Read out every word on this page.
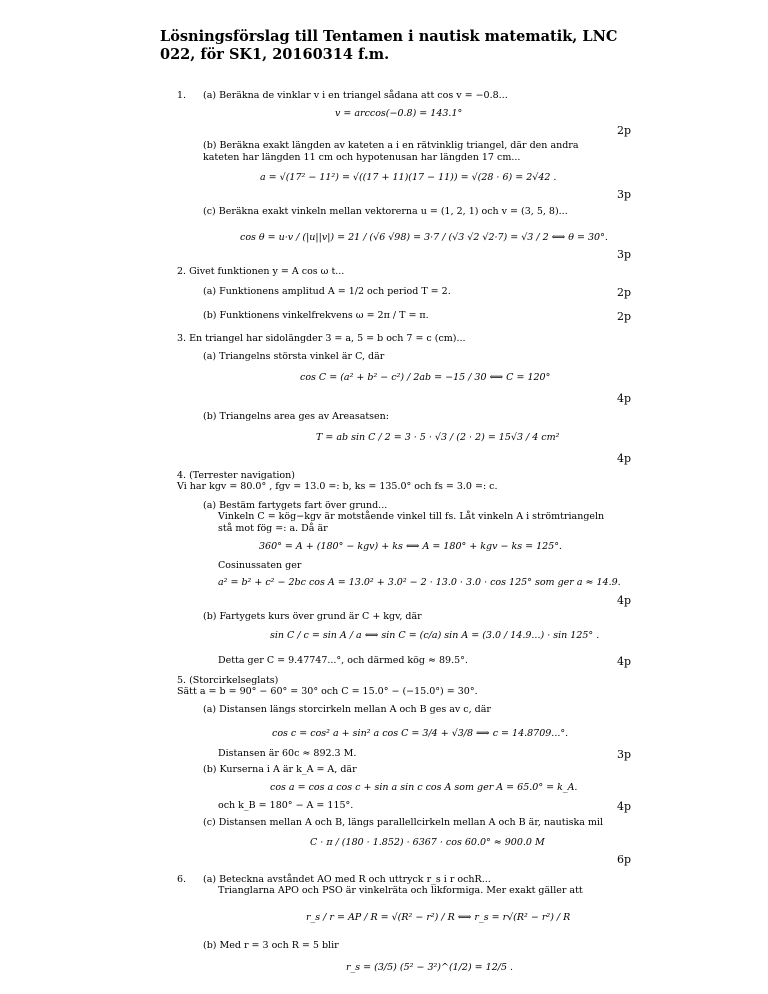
Lösningsförslag till Tentamen i nautisk matematik, LNC 022, för SK1, 20160314 f.m.
1. (a) Beräkna de vinklar v i en triangel sådana att cos v = −0.8...
v = arccos(−0.8) = 143.1°
2p
(b) Beräkna exakt längden av kateten a i en rätvinklig triangel, där den andra kateten har längden 11 cm och hypotenusan har längden 17 cm...
a = √(17² − 11²) = √((17 + 11)(17 − 11)) = √(28 · 6) = 2√42 .
3p
(c) Beräkna exakt vinkeln mellan vektorerna u = (1, 2, 1) och v = (3, 5, 8)...
cos θ = u·v / (|u||v|) = 21 / (√6 √98) = 3·7 / (√3 √2 √2·7) = √3 / 2 ⟺ θ = 30°.
3p
2. Givet funktionen y = A cos ω t...
(a) Funktionens amplitud A = 1/2 och period T = 2.	2p
(b) Funktionens vinkelfrekvens ω = 2π / T = π.	2p
3. En triangel har sidolängder 3 = a, 5 = b och 7 = c (cm)...
(a) Triangelns största vinkel är C, där
cos C = (a² + b² − c²) / 2ab = −15 / 30 ⟺ C = 120°
4p
(b) Triangelns area ges av Areasatsen:
T = ab sin C / 2 = 3 · 5 · √3 / (2 · 2) = 15√3 / 4 cm²
4p
4. (Terrester navigation)
Vi har kgv = 80.0° , fgv = 13.0 =: b, ks = 135.0° och fs = 3.0 =: c.
(a) Bestäm fartygets fart över grund...
Vinkeln C = kög−kgv är motstående vinkel till fs. Låt vinkeln A i strömtriangeln stå mot fög =: a. Då är
360° = A + (180° − kgv) + ks ⟺ A = 180° + kgv − ks = 125°.
Cosinussaten ger
a² = b² + c² − 2bc cos A = 13.0² + 3.0² − 2 · 13.0 · 3.0 · cos 125° som ger a ≈ 14.9.
4p
(b) Fartygets kurs över grund är C + kgv, där
sin C / c = sin A / a ⟺ sin C = (c/a) sin A = (3.0 / 14.9...) · sin 125° .
Detta ger C = 9.47747...°, och därmed kög ≈ 89.5°.	4p
5. (Storcirkelseglats)
Sätt a = b = 90° − 60° = 30° och C = 15.0° − (−15.0°) = 30°.
(a) Distansen längs storcirkeln mellan A och B ges av c, där
cos c = cos² a + sin² a cos C = 3/4 + √3/8 ⟹ c = 14.8709...°.
Distansen är 60c ≈ 892.3 M.	3p
(b) Kurserna i A är k_A = A, där
cos a = cos a cos c + sin a sin c cos A som ger A = 65.0° = k_A.
och k_B = 180° − A = 115°.	4p
(c) Distansen mellan A och B, längs parallellcirkeln mellan A och B är, nautiska mil
C · π / (180 · 1.852) · 6367 · cos 60.0° ≈ 900.0 M
6p
6. (a) Beteckna avståndet AO med R och uttryck r_s i r ochR...
Trianglarna APO och PSO är vinkelräta och likformiga. Mer exakt gäller att
r_s / r = AP / R = √(R² − r²) / R ⟺ r_s = r√(R² − r²) / R
(b) Med r = 3 och R = 5 blir
r_s = (3/5) (5² − 3²)^(1/2) = 12/5 .
